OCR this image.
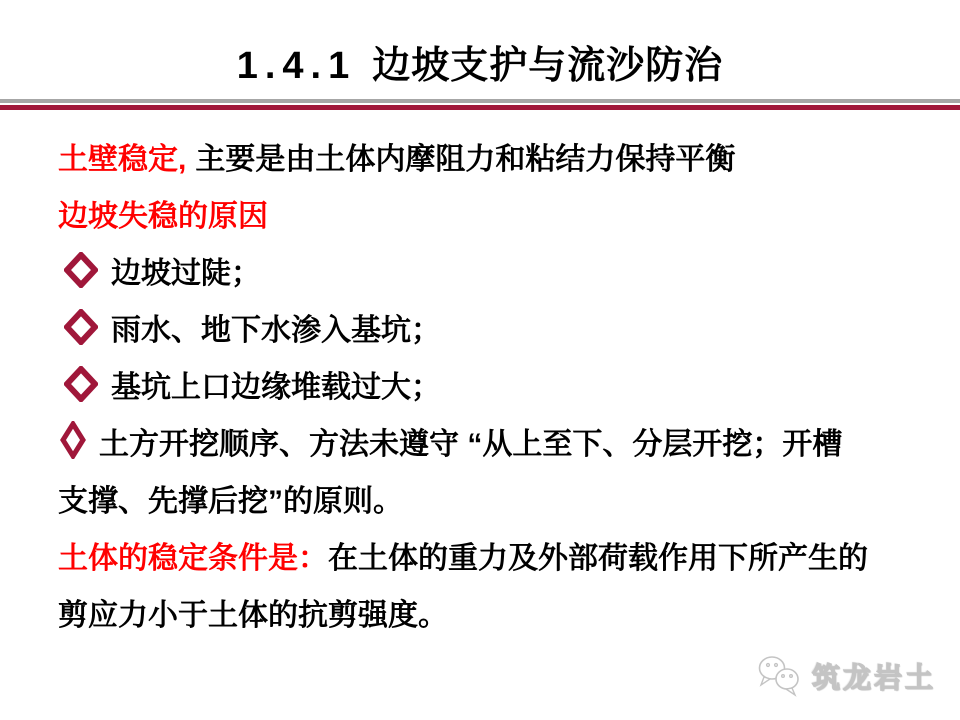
1.4.1 边坡支护与流沙防治

土壁稳定, 主要是由土体内摩阻力和粘结力保持平衡

边坡失稳的原因

边坡过陡；

雨水、地下水渗入基坑；

基坑上口边缘堆载过大；

土方开挖顺序、方法未遵守 “从上至下、分层开挖；开槽
支撑、先撑后挖”的原则。

土体的稳定条件是：在土体的重力及外部荷载作用下所产生的
剪应力小于土体的抗剪强度。

筑龙岩土
